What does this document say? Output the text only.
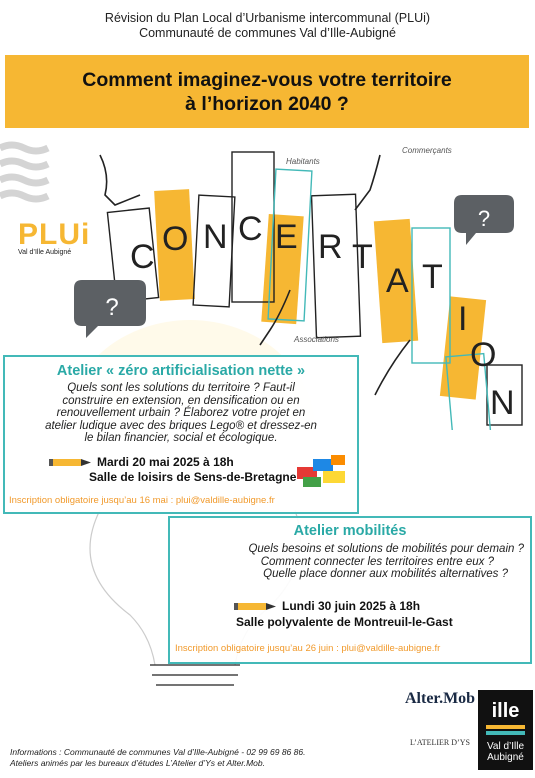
Révision du Plan Local d’Urbanisme intercommunal (PLUi)
Communauté de communes Val d’Ille-Aubigné
Comment imaginez-vous votre territoire
à l’horizon 2040 ?
C O N C E R T
A T
I
O
N
Habitants
Commerçants
Associations
?
?
PLUi
Val d’Ille Aubigné
Atelier « zéro artificialisation nette »
Quels sont les solutions du territoire ? Faut-il
construire en extension, en densification ou en
renouvellement urbain ? Élaborez votre projet en
atelier ludique avec des briques Lego® et dressez-en
le bilan financier, social et écologique.
Mardi 20 mai 2025 à 18h
Salle de loisirs de Sens-de-Bretagne
Inscription obligatoire jusqu’au 16 mai : plui@valdille-aubigne.fr
Atelier mobilités
Quels besoins et solutions de mobilités pour demain ?
Comment connecter les territoires entre eux ?
Quelle place donner aux mobilités alternatives ?
Lundi 30 juin 2025 à 18h
Salle polyvalente de Montreuil-le-Gast
Inscription obligatoire jusqu’au 26 juin : plui@valdille-aubigne.fr
Alter.Mob
L’ATELIER D’YS
ille
Val d’Ille
Aubigné
Informations : Communauté de communes Val d’Ille-Aubigné - 02 99 69 86 86.
Ateliers animés par les bureaux d’études L’Atelier d’Ys et Alter.Mob.
